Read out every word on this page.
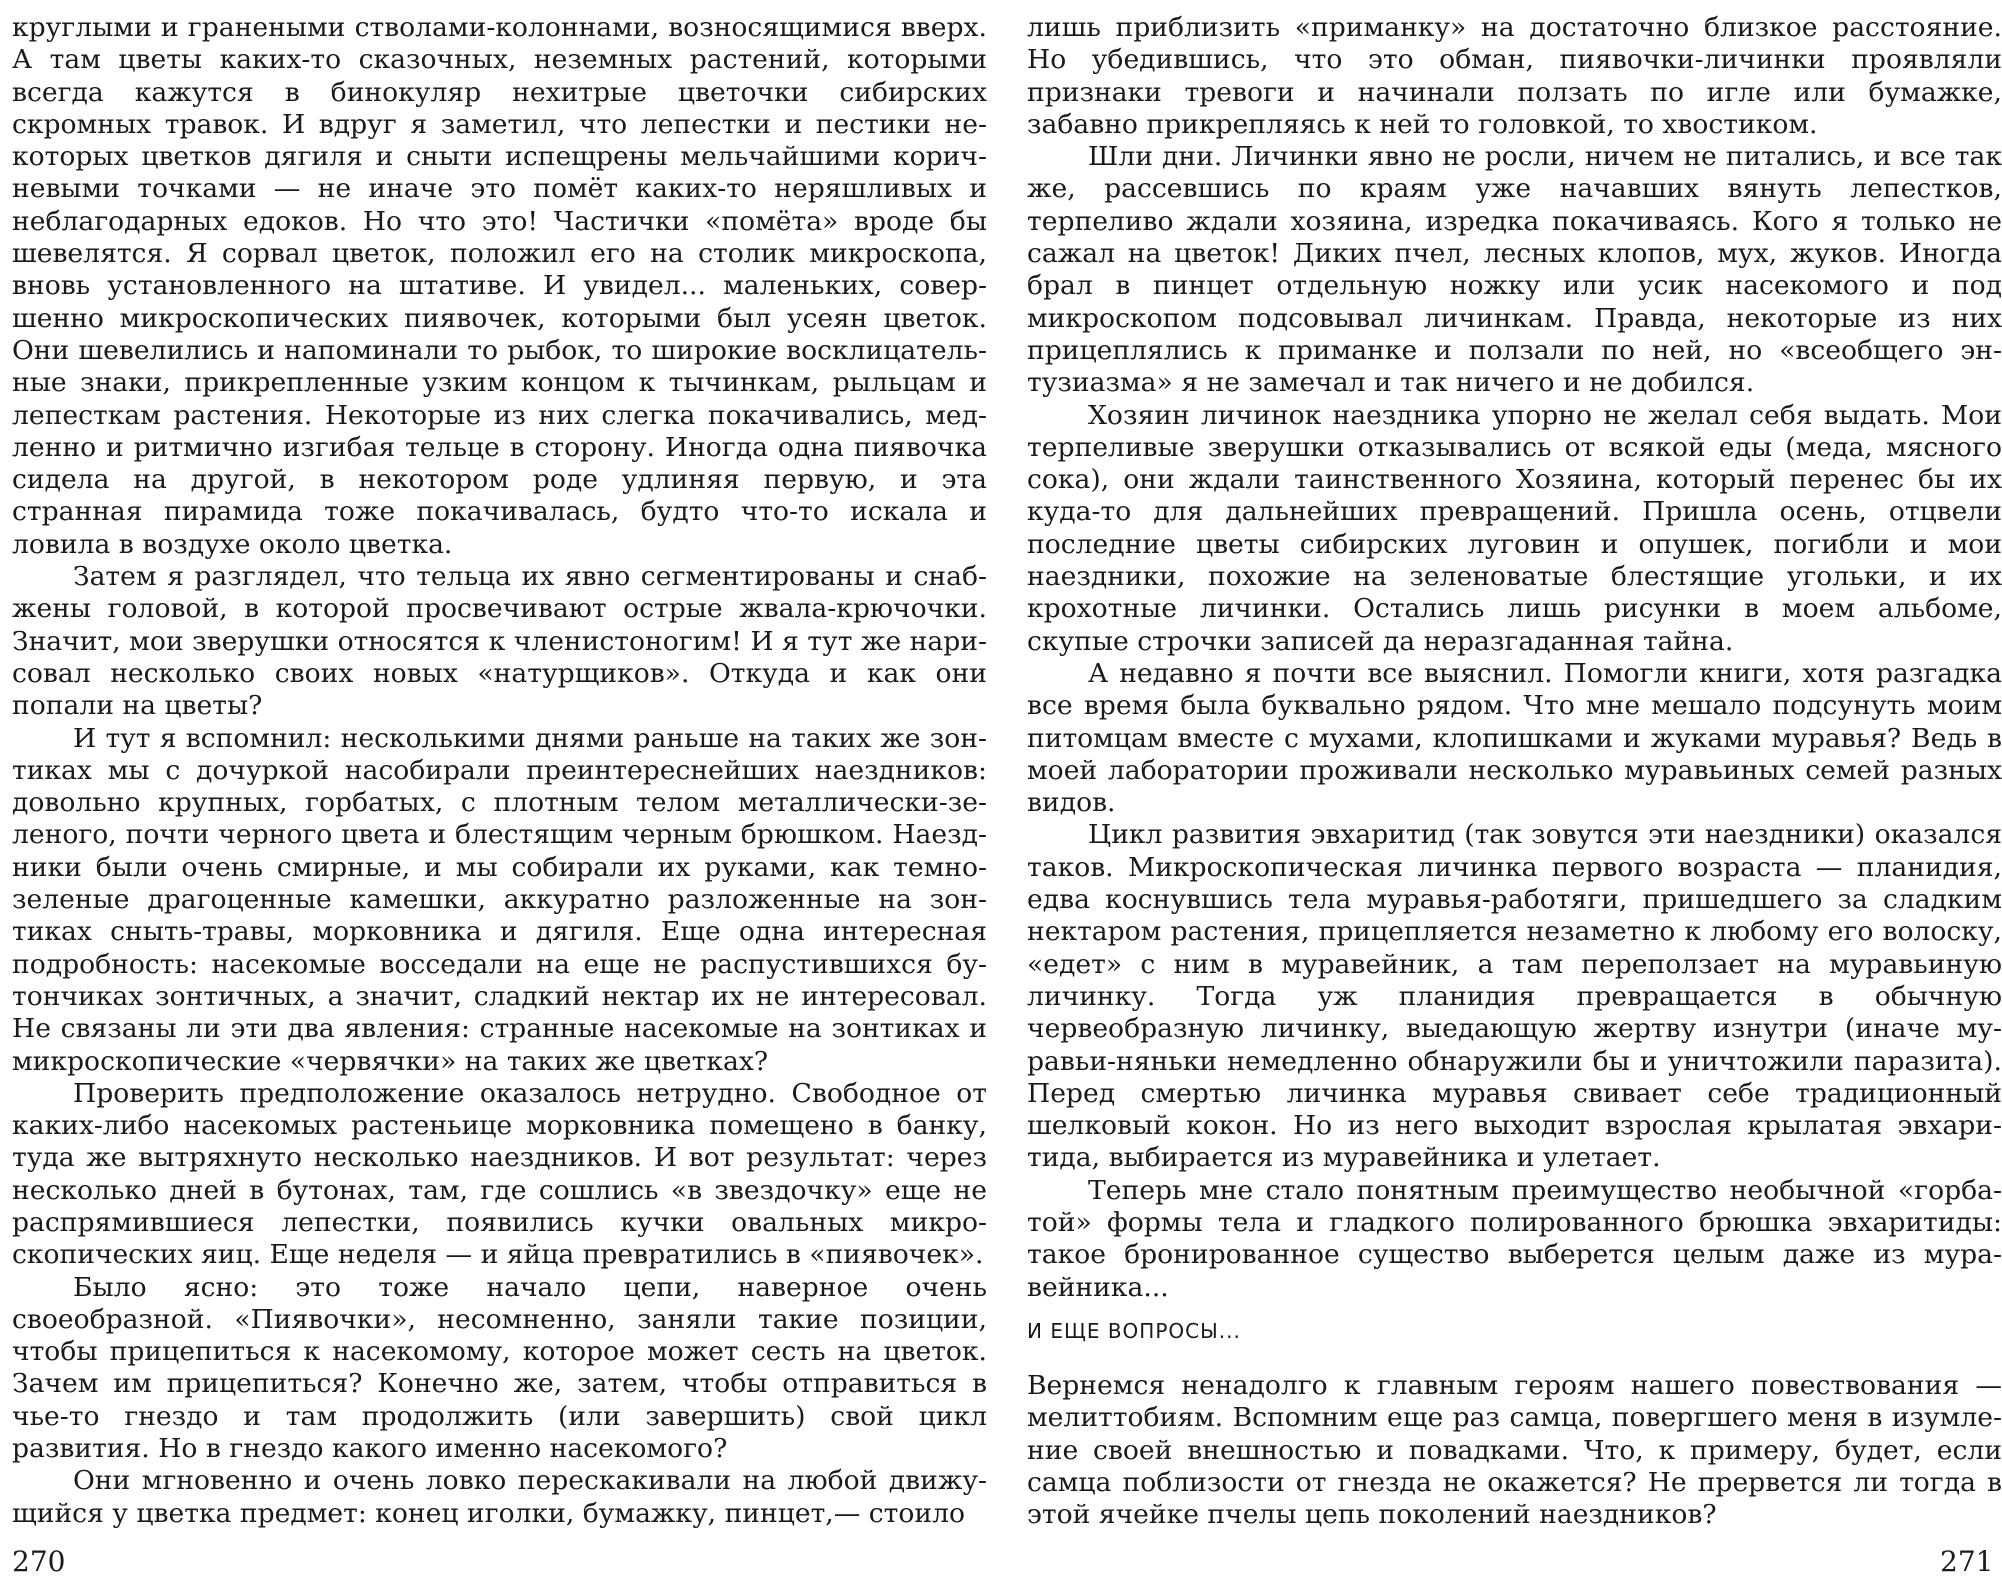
круглыми и гранеными стволами-колоннами, возносящимися вверх. А там цветы каких-то сказочных, неземных растений, которыми всегда кажутся в бинокуляр нехитрые цветочки сибирских скромных травок. И вдруг я заметил, что лепестки и пестики некоторых цветков дягиля и сныти испещрены мельчайшими коричневыми точками — не иначе это помёт каких-то неряшливых и неблагодарных едоков. Но что это! Частички «помёта» вроде бы шевелятся. Я сорвал цветок, положил его на столик микроскопа, вновь установленного на штативе. И увидел... маленьких, совершенно микроскопических пиявочек, которыми был усеян цветок. Они шевелились и напоминали то рыбок, то широкие восклицательные знаки, прикрепленные узким концом к тычинкам, рыльцам и лепесткам растения. Некоторые из них слегка покачивались, медленно и ритмично изгибая тельце в сторону. Иногда одна пиявочка сидела на другой, в некотором роде удлиняя первую, и эта странная пирамида тоже покачивалась, будто что-то искала и ловила в воздухе около цветка.

Затем я разглядел, что тельца их явно сегментированы и снабжены головой, в которой просвечивают острые жвала-крючочки. Значит, мои зверушки относятся к членистоногим! И я тут же нарисовал несколько своих новых «натурщиков». Откуда и как они попали на цветы?

И тут я вспомнил: несколькими днями раньше на таких же зонтиках мы с дочуркой насобирали преинтереснейших наездников: довольно крупных, горбатых, с плотным телом металлически-зеленого, почти черного цвета и блестящим черным брюшком. Наездники были очень смирные, и мы собирали их руками, как темнозеленые драгоценные камешки, аккуратно разложенные на зонтиках сныть-травы, морковника и дягиля. Еще одна интересная подробность: насекомые восседали на еще не распустившихся бутончиках зонтичных, а значит, сладкий нектар их не интересовал. Не связаны ли эти два явления: странные насекомые на зонтиках и микроскопические «червячки» на таких же цветках?

Проверить предположение оказалось нетрудно. Свободное от каких-либо насекомых растеньице морковника помещено в банку, туда же вытряхнуто несколько наездников. И вот результат: через несколько дней в бутонах, там, где сошлись «в звездочку» еще не распрямившиеся лепестки, появились кучки овальных микроскопических яиц. Еще неделя — и яйца превратились в «пиявочек».

Было ясно: это тоже начало цепи, наверное очень своеобразной. «Пиявочки», несомненно, заняли такие позиции, чтобы прицепиться к насекомому, которое может сесть на цветок. Зачем им прицепиться? Конечно же, затем, чтобы отправиться в чье-то гнездо и там продолжить (или завершить) свой цикл развития. Но в гнездо какого именно насекомого?

Они мгновенно и очень ловко перескакивали на любой движущийся у цветка предмет: конец иголки, бумажку, пинцет,— стоило

лишь приблизить «приманку» на достаточно близкое расстояние. Но убедившись, что это обман, пиявочки-личинки проявляли признаки тревоги и начинали ползать по игле или бумажке, забавно прикрепляясь к ней то головкой, то хвостиком.

Шли дни. Личинки явно не росли, ничем не питались, и все так же, рассевшись по краям уже начавших вянуть лепестков, терпеливо ждали хозяина, изредка покачиваясь. Кого я только не сажал на цветок! Диких пчел, лесных клопов, мух, жуков. Иногда брал в пинцет отдельную ножку или усик насекомого и под микроскопом подсовывал личинкам. Правда, некоторые из них прицеплялись к приманке и ползали по ней, но «всеобщего энтузиазма» я не замечал и так ничего и не добился.

Хозяин личинок наездника упорно не желал себя выдать. Мои терпеливые зверушки отказывались от всякой еды (меда, мясного сока), они ждали таинственного Хозяина, который перенес бы их куда-то для дальнейших превращений. Пришла осень, отцвели последние цветы сибирских луговин и опушек, погибли и мои наездники, похожие на зеленоватые блестящие угольки, и их крохотные личинки. Остались лишь рисунки в моем альбоме, скупые строчки записей да неразгаданная тайна.

А недавно я почти все выяснил. Помогли книги, хотя разгадка все время была буквально рядом. Что мне мешало подсунуть моим питомцам вместе с мухами, клопишками и жуками муравья? Ведь в моей лаборатории проживали несколько муравьиных семей разных видов.

Цикл развития эвхаритид (так зовутся эти наездники) оказался таков. Микроскопическая личинка первого возраста — планидия, едва коснувшись тела муравья-работяги, пришедшего за сладким нектаром растения, прицепляется незаметно к любому его волоску, «едет» с ним в муравейник, а там переползает на муравьиную личинку. Тогда уж планидия превращается в обычную червеобразную личинку, выедающую жертву изнутри (иначе муравьи-няньки немедленно обнаружили бы и уничтожили паразита). Перед смертью личинка муравья свивает себе традиционный шелковый кокон. Но из него выходит взрослая крылатая эвхаритида, выбирается из муравейника и улетает.

Теперь мне стало понятным преимущество необычной «горбатой» формы тела и гладкого полированного брюшка эвхаритиды: такое бронированное существо выберется целым даже из муравейника...

И ЕЩЕ ВОПРОСЫ...

Вернемся ненадолго к главным героям нашего повествования — мелиттобиям. Вспомним еще раз самца, повергшего меня в изумление своей внешностью и повадками. Что, к примеру, будет, если самца поблизости от гнезда не окажется? Не прервется ли тогда в этой ячейке пчелы цепь поколений наездников?

270	271
